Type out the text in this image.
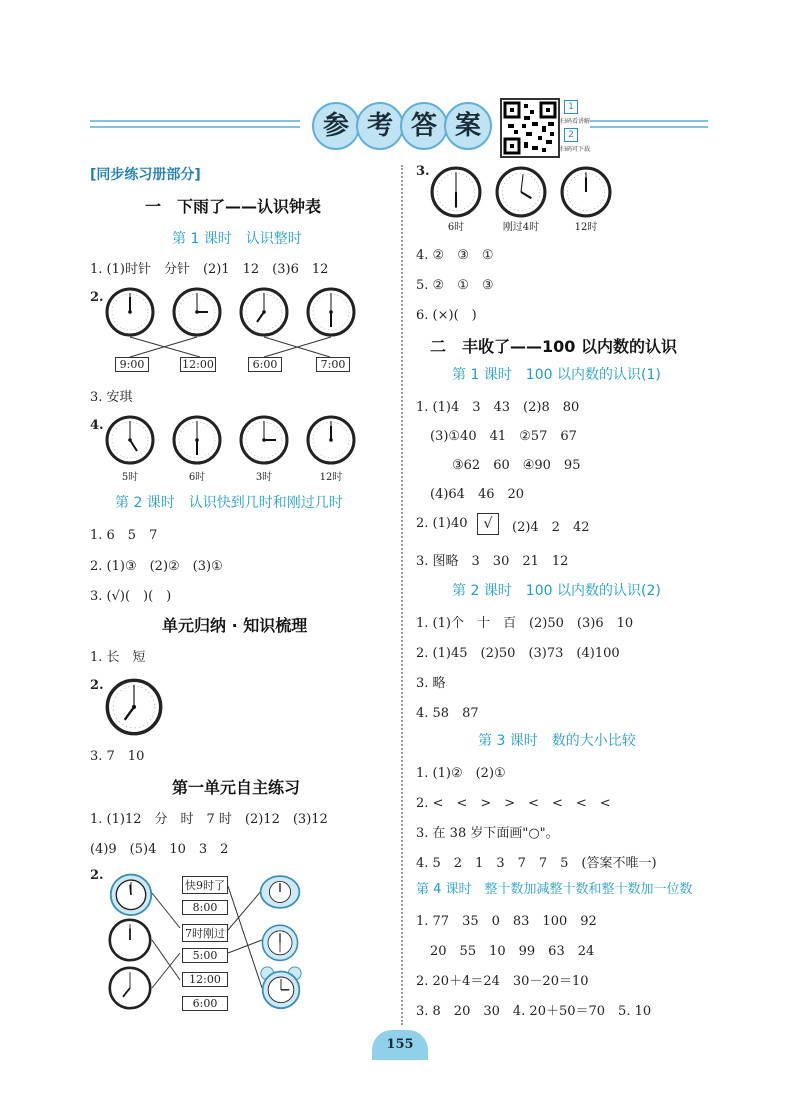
参 考 答 案
1
扫码看讲解
2
扫码可下载
[同步练习册部分]
一　下雨了——认识钟表
第 1 课时　认识整时
1. (1)时针　分针　(2)1　12　(3)6　12
2.
9:00	12:00	6:00	7:00
3. 安琪
4.
5时	6时	3时	12时
第 2 课时　认识快到几时和刚过几时
1. 6　5　7
2. (1)③　(2)②　(3)①
3. (√)(　)(　)
单元归纳 · 知识梳理
1. 长　短
2.
3. 7　10
第一单元自主练习
1. (1)12　分　时　7 时　(2)12　(3)12
(4)9　(5)4　10　3　2
2.
快9时了
8:00
7时刚过
5:00
12:00
6:00
3.
6时	刚过4时	12时
4. ②　③　①
5. ②　①　③
6. (×)(　)
二　丰收了——100 以内数的认识
第 1 课时　100 以内数的认识(1)
1. (1)4　3　43　(2)8　80
(3)①40　41　②57　67
③62　60　④90　95
(4)64　46　20
2. (1)40	√	(2)4　2　42
3. 图略　3　30　21　12
第 2 课时　100 以内数的认识(2)
1. (1)个　十　百　(2)50　(3)6　10
2. (1)45　(2)50　(3)73　(4)100
3. 略
4. 58　87
第 3 课时　数的大小比较
1. (1)②　(2)①
2. <　<　>　>　<　<　<　<
3. 在 38 岁下面画"○"。
4. 5　2　1　3　7　7　5　(答案不唯一)
第 4 课时　整十数加减整十数和整十数加一位数
1. 77　35　0　83　100　92
20　55　10　99　63　24
2. 20＋4＝24　30－20＝10
3. 8　20　30　4. 20＋50＝70　5. 10
155
